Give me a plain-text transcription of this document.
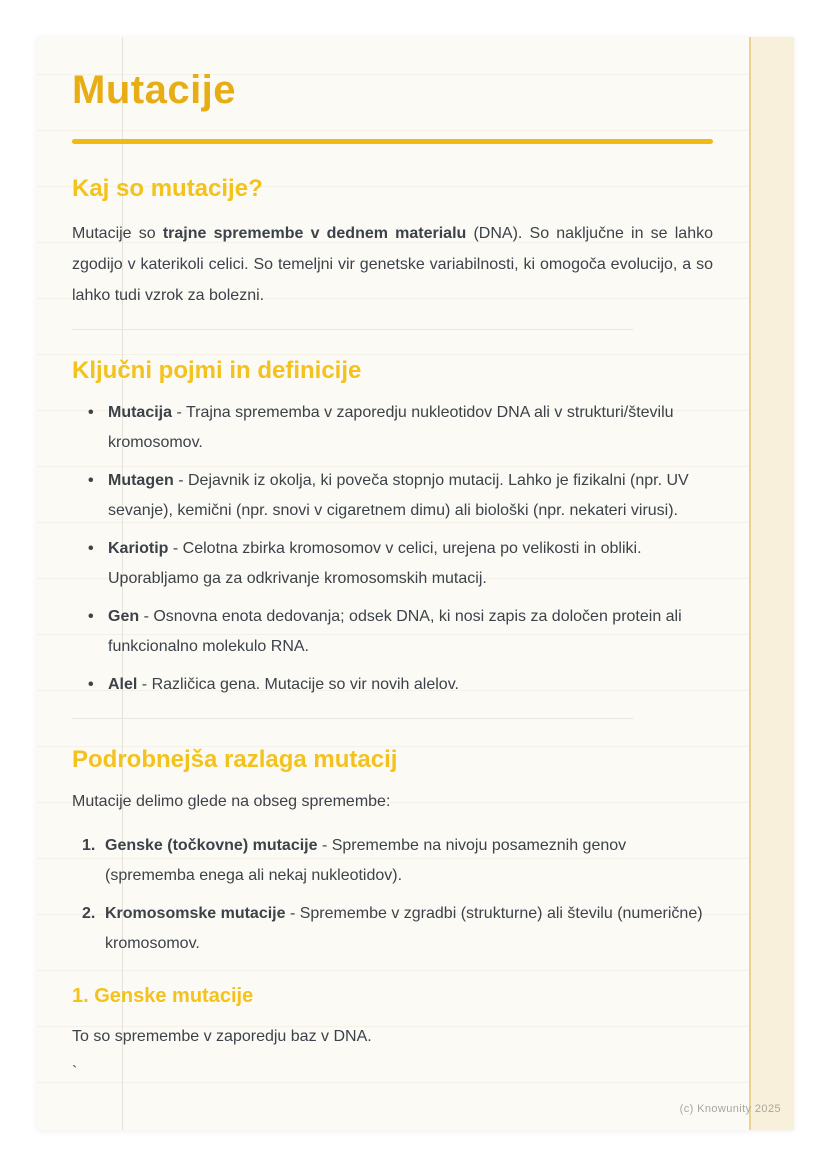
Mutacije
Kaj so mutacije?

Mutacije so trajne spremembe v dednem materialu (DNA). So naključne in se lahko zgodijo v katerikoli celici. So temeljni vir genetske variabilnosti, ki omogoča evolucijo, a so lahko tudi vzrok za bolezni.

Ključni pojmi in definicije
• Mutacija - Trajna sprememba v zaporedju nukleotidov DNA ali v strukturi/številu kromosomov.
• Mutagen - Dejavnik iz okolja, ki poveča stopnjo mutacij. Lahko je fizikalni (npr. UV sevanje), kemični (npr. snovi v cigaretnem dimu) ali biološki (npr. nekateri virusi).
• Kariotip - Celotna zbirka kromosomov v celici, urejena po velikosti in obliki. Uporabljamo ga za odkrivanje kromosomskih mutacij.
• Gen - Osnovna enota dedovanja; odsek DNA, ki nosi zapis za določen protein ali funkcionalno molekulo RNA.
• Alel - Različica gena. Mutacije so vir novih alelov.
Podrobnejša razlaga mutacij

Mutacije delimo glede na obseg spremembe:

1. Genske (točkovne) mutacije - Spremembe na nivoju posameznih genov (sprememba enega ali nekaj nukleotidov).
2. Kromosomske mutacije - Spremembe v zgradbi (strukturne) ali številu (numerične) kromosomov.
1. Genske mutacije

To so spremembe v zaporedju baz v DNA.

`

(c) Knowunity 2025
